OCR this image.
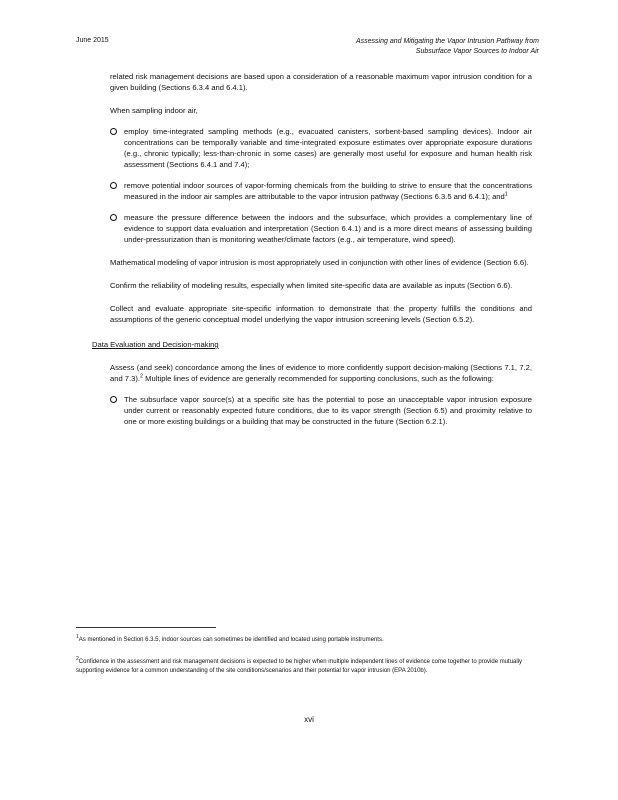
June 2015	Assessing and Mitigating the Vapor Intrusion Pathway from
Subsurface Vapor Sources to Indoor Air
related risk management decisions are based upon a consideration of a reasonable maximum vapor intrusion condition for a given building (Sections 6.3.4 and 6.4.1).
When sampling indoor air,
employ time-integrated sampling methods (e.g., evacuated canisters, sorbent-based sampling devices). Indoor air concentrations can be temporally variable and time-integrated exposure estimates over appropriate exposure durations (e.g., chronic typically; less-than-chronic in some cases) are generally most useful for exposure and human health risk assessment (Sections 6.4.1 and 7.4);
remove potential indoor sources of vapor-forming chemicals from the building to strive to ensure that the concentrations measured in the indoor air samples are attributable to the vapor intrusion pathway (Sections 6.3.5 and 6.4.1); and$^1$
measure the pressure difference between the indoors and the subsurface, which provides a complementary line of evidence to support data evaluation and interpretation (Section 6.4.1) and is a more direct means of assessing building under-pressurization than is monitoring weather/climate factors (e.g., air temperature, wind speed).
Mathematical modeling of vapor intrusion is most appropriately used in conjunction with other lines of evidence (Section 6.6).
Confirm the reliability of modeling results, especially when limited site-specific data are available as inputs (Section 6.6).
Collect and evaluate appropriate site-specific information to demonstrate that the property fulfills the conditions and assumptions of the generic conceptual model underlying the vapor intrusion screening levels (Section 6.5.2).
Data Evaluation and Decision-making
Assess (and seek) concordance among the lines of evidence to more confidently support decision-making (Sections 7.1, 7.2, and 7.3).$^2$ Multiple lines of evidence are generally recommended for supporting conclusions, such as the following:
The subsurface vapor source(s) at a specific site has the potential to pose an unacceptable vapor intrusion exposure under current or reasonably expected future conditions, due to its vapor strength (Section 6.5) and proximity relative to one or more existing buildings or a building that may be constructed in the future (Section 6.2.1).
$^1$As mentioned in Section 6.3.5, indoor sources can sometimes be identified and located using portable instruments.
$^2$Confidence in the assessment and risk management decisions is expected to be higher when multiple independent lines of evidence come together to provide mutually supporting evidence for a common understanding of the site conditions/scenarios and their potential for vapor intrusion (EPA 2010b).
xvi
